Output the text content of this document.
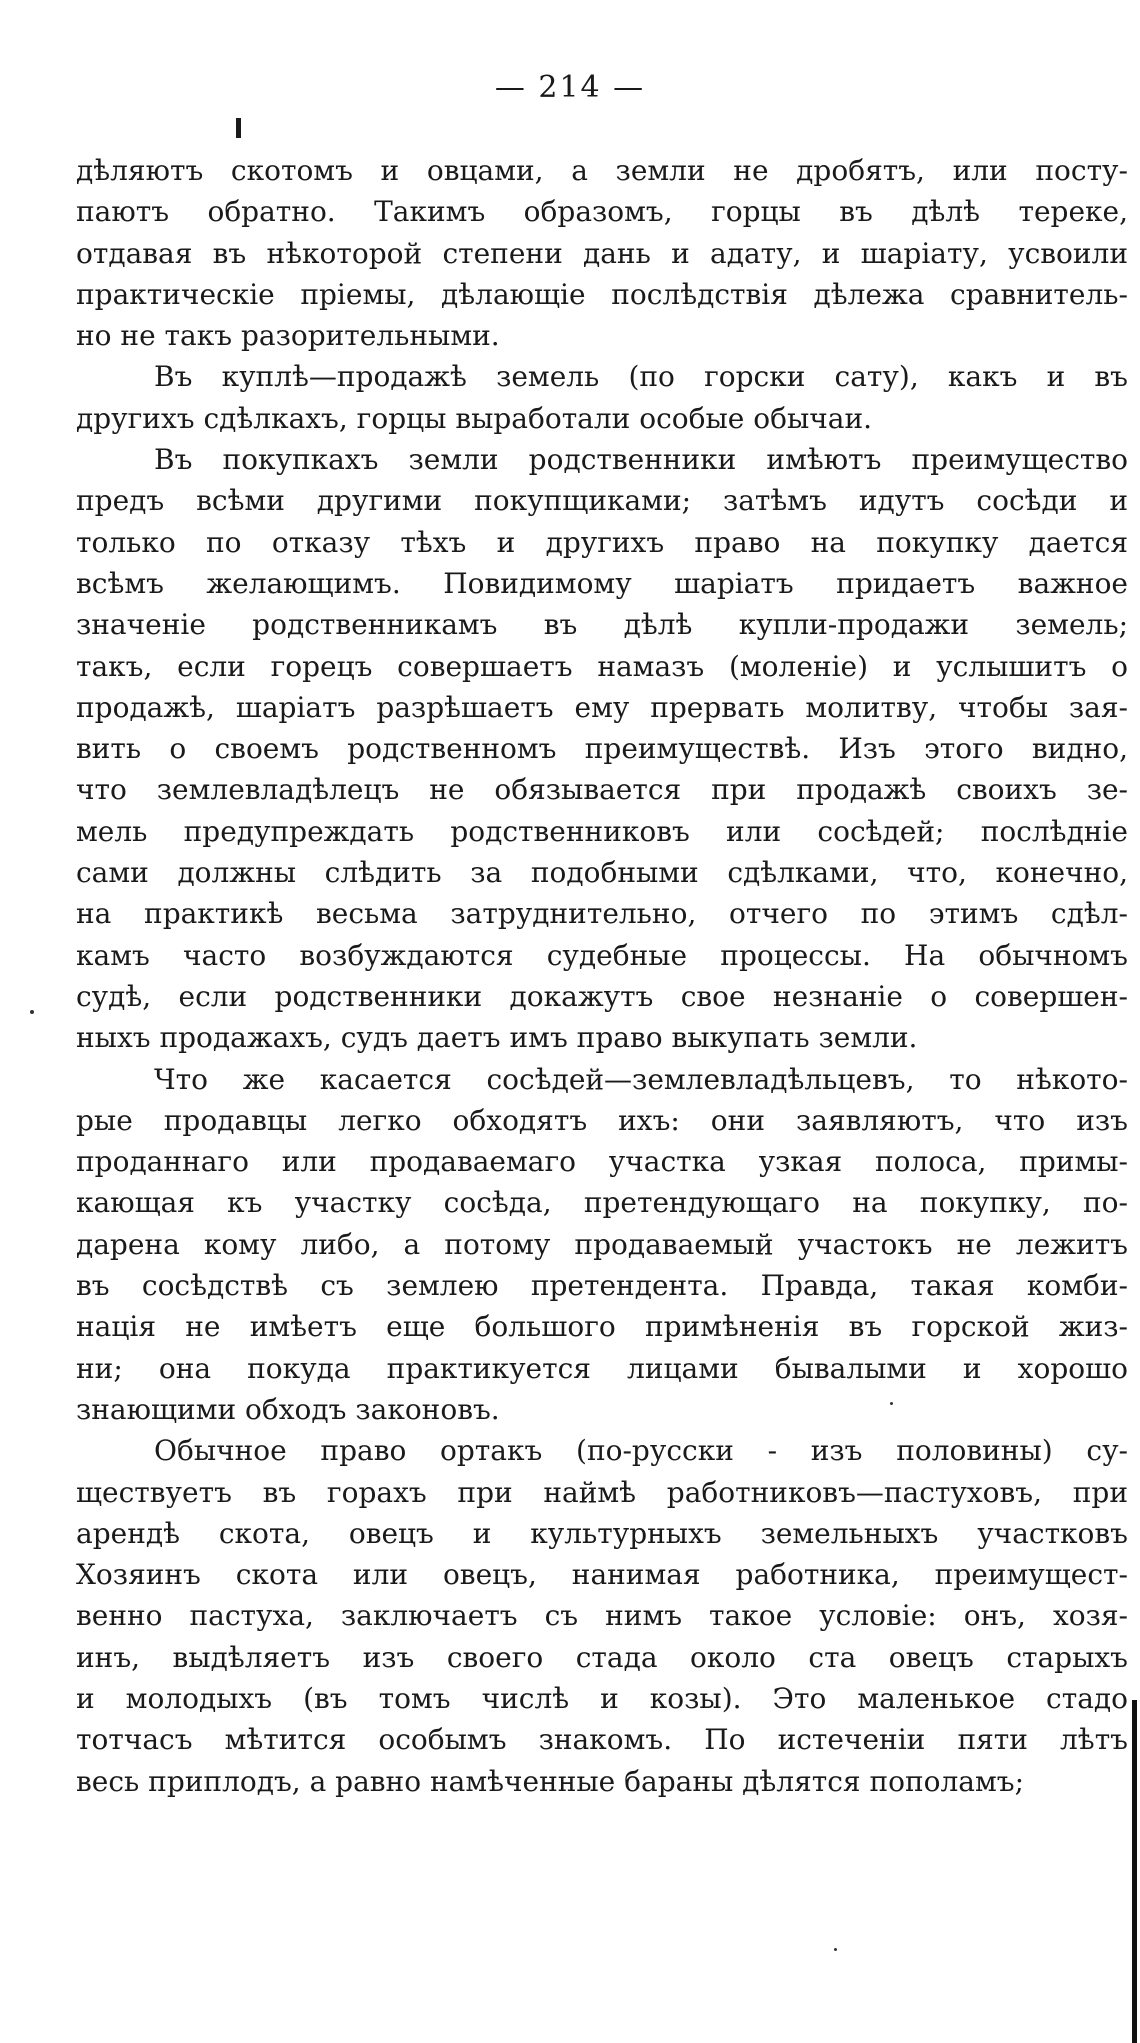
— 214 —
дѣляютъ скотомъ и овцами, а земли не дробятъ, или посту-
паютъ обратно. Такимъ образомъ, горцы въ дѣлѣ терекe,
отдавая въ нѣкоторой степени дань и адату, и шаріату, усвоили
практическіе пріемы, дѣлающіе послѣдствія дѣлежа сравнитель-
но не такъ разорительными.
Въ куплѣ—продажѣ земель (по горски сату), какъ и въ
другихъ сдѣлкахъ, горцы выработали особые обычаи.
Въ покупкахъ земли родственники имѣютъ преимущество
предъ всѣми другими покупщиками; затѣмъ идутъ сосѣди и
только по отказу тѣхъ и другихъ право на покупку дается
всѣмъ желающимъ. Повидимому шаріатъ придаетъ важное
значеніе родственникамъ въ дѣлѣ купли-продажи земель;
такъ, если горецъ совершаетъ намазъ (моленіе) и услышитъ о
продажѣ, шаріатъ разрѣшаетъ ему прервать молитву, чтобы зая-
вить о своемъ родственномъ преимуществѣ. Изъ этого видно,
что землевладѣлецъ не обязывается при продажѣ своихъ зе-
мель предупреждать родственниковъ или сосѣдей; послѣдніе
сами должны слѣдить за подобными сдѣлками, что, конечно,
на практикѣ весьма затруднительно, отчего по этимъ сдѣл-
камъ часто возбуждаются судебные процессы. На обычномъ
судѣ, если родственники докажутъ свое незнаніе о совершен-
ныхъ продажахъ, судъ даетъ имъ право выкупать земли.
Что же касается сосѣдей—землевладѣльцевъ, то нѣкото-
рые продавцы легко обходятъ ихъ: они заявляютъ, что изъ
проданнаго или продаваемаго участка узкая полоса, примы-
кающая къ участку сосѣда, претендующаго на покупку, по-
дарена кому либо, а потому продаваемый участокъ не лежитъ
въ сосѣдствѣ съ землею претендента. Правда, такая комби-
нація не имѣетъ еще большого примѣненія въ горской жиз-
ни; она покуда практикуется лицами бывалыми и хорошо
знающими обходъ законовъ.
Обычное право ортакъ (по-русски - изъ половины) су-
ществуетъ въ горахъ при наймѣ работниковъ—пастуховъ, при
арендѣ скота, овецъ и культурныхъ земельныхъ участковъ
Хозяинъ скота или овецъ, нанимая работника, преимущест-
венно пастуха, заключаетъ съ нимъ такое условіе: онъ, хозя-
инъ, выдѣляетъ изъ своего стада около ста овецъ старыхъ
и молодыхъ (въ томъ числѣ и козы). Это маленькое стадо
тотчасъ мѣтится особымъ знакомъ. По истеченіи пяти лѣтъ
весь приплодъ, а равно намѣченные бараны дѣлятся пополамъ;
